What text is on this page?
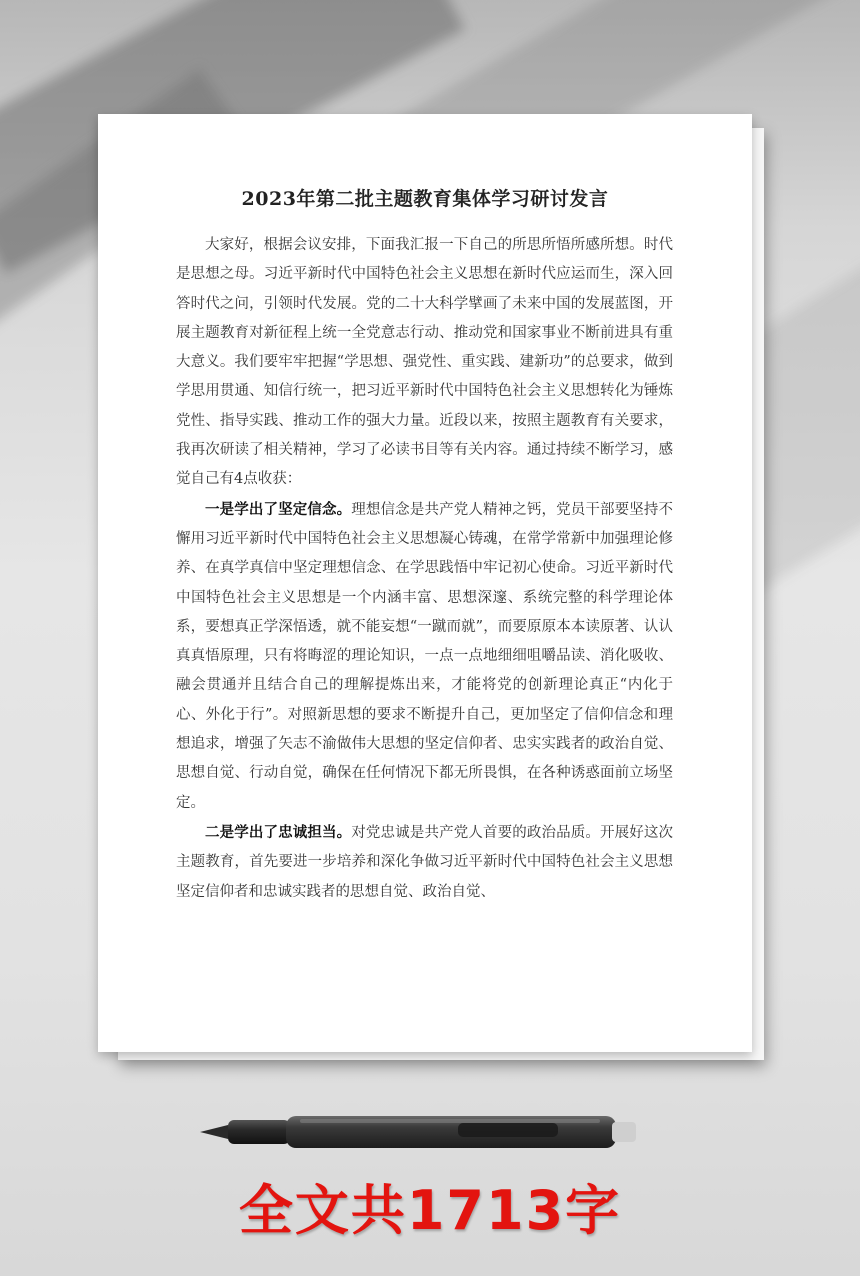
2023年第二批主题教育集体学习研讨发言

大家好，根据会议安排，下面我汇报一下自己的所思所悟所感所想。时代是思想之母。习近平新时代中国特色社会主义思想在新时代应运而生，深入回答时代之问，引领时代发展。党的二十大科学擘画了未来中国的发展蓝图，开展主题教育对新征程上统一全党意志行动、推动党和国家事业不断前进具有重大意义。我们要牢牢把握“学思想、强党性、重实践、建新功”的总要求，做到学思用贯通、知信行统一，把习近平新时代中国特色社会主义思想转化为锤炼党性、指导实践、推动工作的强大力量。近段以来，按照主题教育有关要求，我再次研读了相关精神，学习了必读书目等有关内容。通过持续不断学习，感觉自己有4点收获：

一是学出了坚定信念。理想信念是共产党人精神之钙，党员干部要坚持不懈用习近平新时代中国特色社会主义思想凝心铸魂，在常学常新中加强理论修养、在真学真信中坚定理想信念、在学思践悟中牢记初心使命。习近平新时代中国特色社会主义思想是一个内涵丰富、思想深邃、系统完整的科学理论体系，要想真正学深悟透，就不能妄想“一蹴而就”，而要原原本本读原著、认认真真悟原理，只有将晦涩的理论知识，一点一点地细细咀嚼品读、消化吸收、融会贯通并且结合自己的理解提炼出来，才能将党的创新理论真正“内化于心、外化于行”。对照新思想的要求不断提升自己，更加坚定了信仰信念和理想追求，增强了矢志不渝做伟大思想的坚定信仰者、忠实实践者的政治自觉、思想自觉、行动自觉，确保在任何情况下都无所畏惧，在各种诱惑面前立场坚定。

二是学出了忠诚担当。对党忠诚是共产党人首要的政治品质。开展好这次主题教育，首先要进一步培养和深化争做习近平新时代中国特色社会主义思想坚定信仰者和忠诚实践者的思想自觉、政治自觉、

全文共1713字
